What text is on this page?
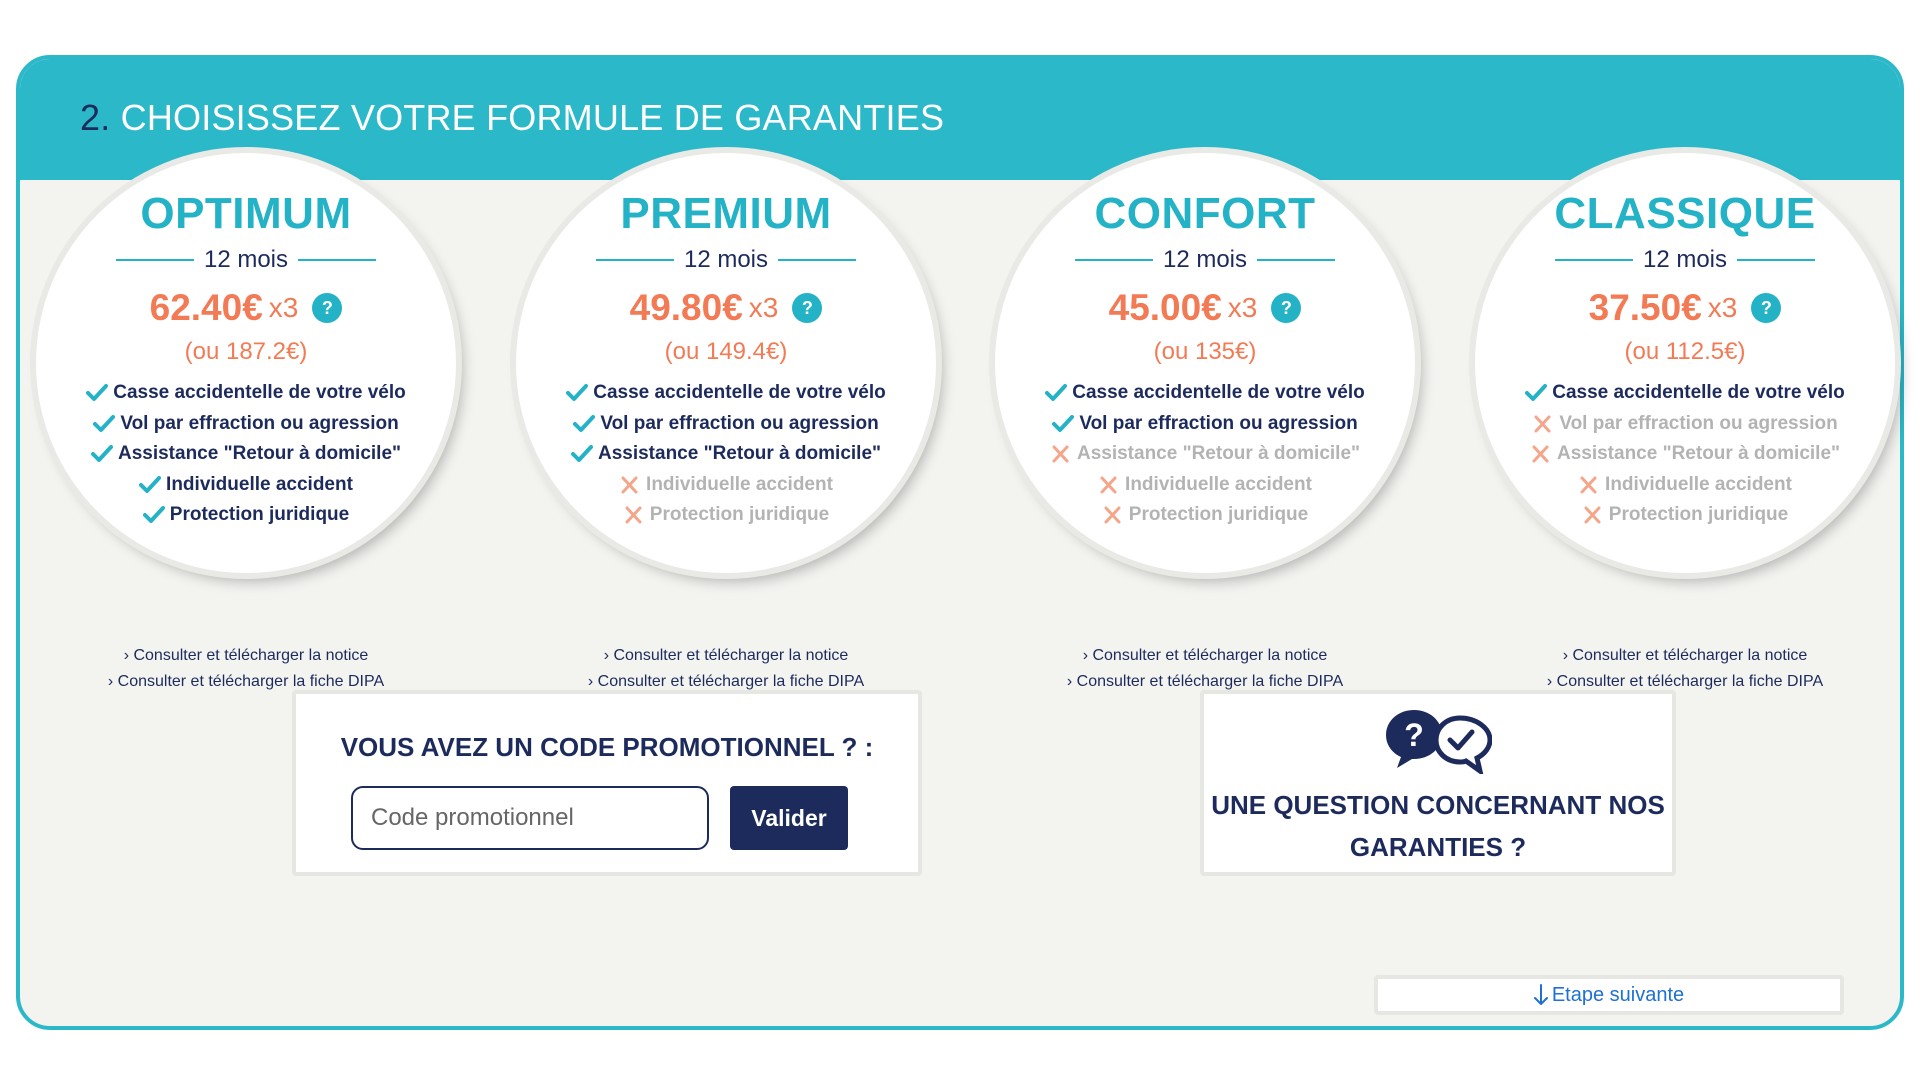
2. CHOISISSEZ VOTRE FORMULE DE GARANTIES
OPTIMUM
12 mois
62.40€ x3	?
(ou 187.2€)
Casse accidentelle de votre vélo
Vol par effraction ou agression
Assistance "Retour à domicile"
Individuelle accident
Protection juridique
› Consulter et télécharger la notice
› Consulter et télécharger la fiche DIPA
PREMIUM
12 mois
49.80€ x3	?
(ou 149.4€)
Casse accidentelle de votre vélo
Vol par effraction ou agression
Assistance "Retour à domicile"
Individuelle accident
Protection juridique
› Consulter et télécharger la notice
› Consulter et télécharger la fiche DIPA
CONFORT
12 mois
45.00€ x3	?
(ou 135€)
Casse accidentelle de votre vélo
Vol par effraction ou agression
Assistance "Retour à domicile"
Individuelle accident
Protection juridique
› Consulter et télécharger la notice
› Consulter et télécharger la fiche DIPA
CLASSIQUE
12 mois
37.50€ x3	?
(ou 112.5€)
Casse accidentelle de votre vélo
Vol par effraction ou agression
Assistance "Retour à domicile"
Individuelle accident
Protection juridique
› Consulter et télécharger la notice
› Consulter et télécharger la fiche DIPA
VOUS AVEZ UN CODE PROMOTIONNEL ? :
Code promotionnel
Valider
?
UNE QUESTION CONCERNANT NOS
GARANTIES ?
Etape suivante
